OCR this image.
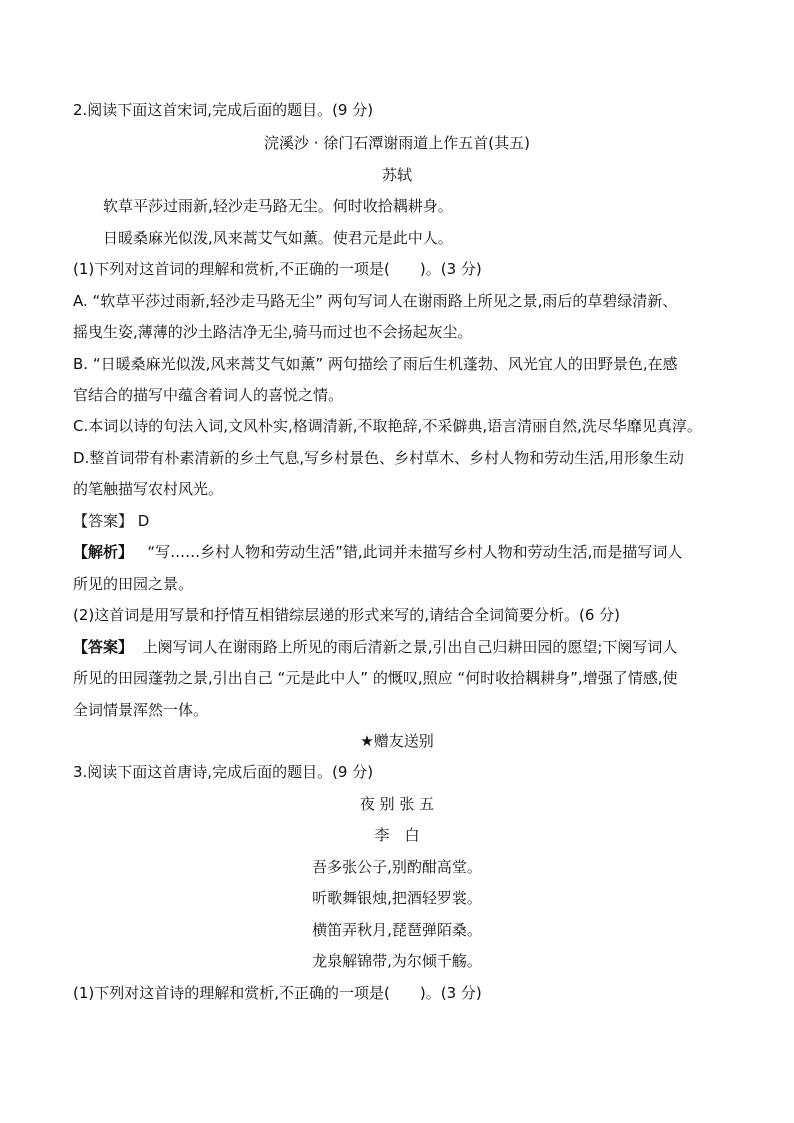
2.阅读下面这首宋词,完成后面的题目。(9 分)
浣溪沙 · 徐门石潭谢雨道上作五首(其五)
苏轼
软草平莎过雨新,轻沙走马路无尘。何时收拾耦耕身。
日暖桑麻光似泼,风来蒿艾气如薰。使君元是此中人。
(1)下列对这首词的理解和赏析,不正确的一项是(　　)。(3 分)
A. “软草平莎过雨新,轻沙走马路无尘” 两句写词人在谢雨路上所见之景,雨后的草碧绿清新、
摇曳生姿,薄薄的沙土路洁净无尘,骑马而过也不会扬起灰尘。
B. “日暖桑麻光似泼,风来蒿艾气如薰” 两句描绘了雨后生机蓬勃、风光宜人的田野景色,在感
官结合的描写中蕴含着词人的喜悦之情。
C.本词以诗的句法入词,文风朴实,格调清新,不取艳辞,不采僻典,语言清丽自然,洗尽华靡见真淳。
D.整首词带有朴素清新的乡土气息,写乡村景色、乡村草木、乡村人物和劳动生活,用形象生动
的笔触描写农村风光。
【答案】 D
【解析】 “写……乡村人物和劳动生活”错,此词并未描写乡村人物和劳动生活,而是描写词人
所见的田园之景。
(2)这首词是用写景和抒情互相错综层递的形式来写的,请结合全词简要分析。(6 分)
【答案】 上阕写词人在谢雨路上所见的雨后清新之景,引出自己归耕田园的愿望;下阕写词人
所见的田园蓬勃之景,引出自己 “元是此中人” 的慨叹,照应 “何时收拾耦耕身”,增强了情感,使
全词情景浑然一体。
★赠友送别
3.阅读下面这首唐诗,完成后面的题目。(9 分)
夜 别 张 五
李　白
吾多张公子,别酌酣高堂。
听歌舞银烛,把酒轻罗裳。
横笛弄秋月,琵琶弹陌桑。
龙泉解锦带,为尔倾千觞。
(1)下列对这首诗的理解和赏析,不正确的一项是(　　)。(3 分)
